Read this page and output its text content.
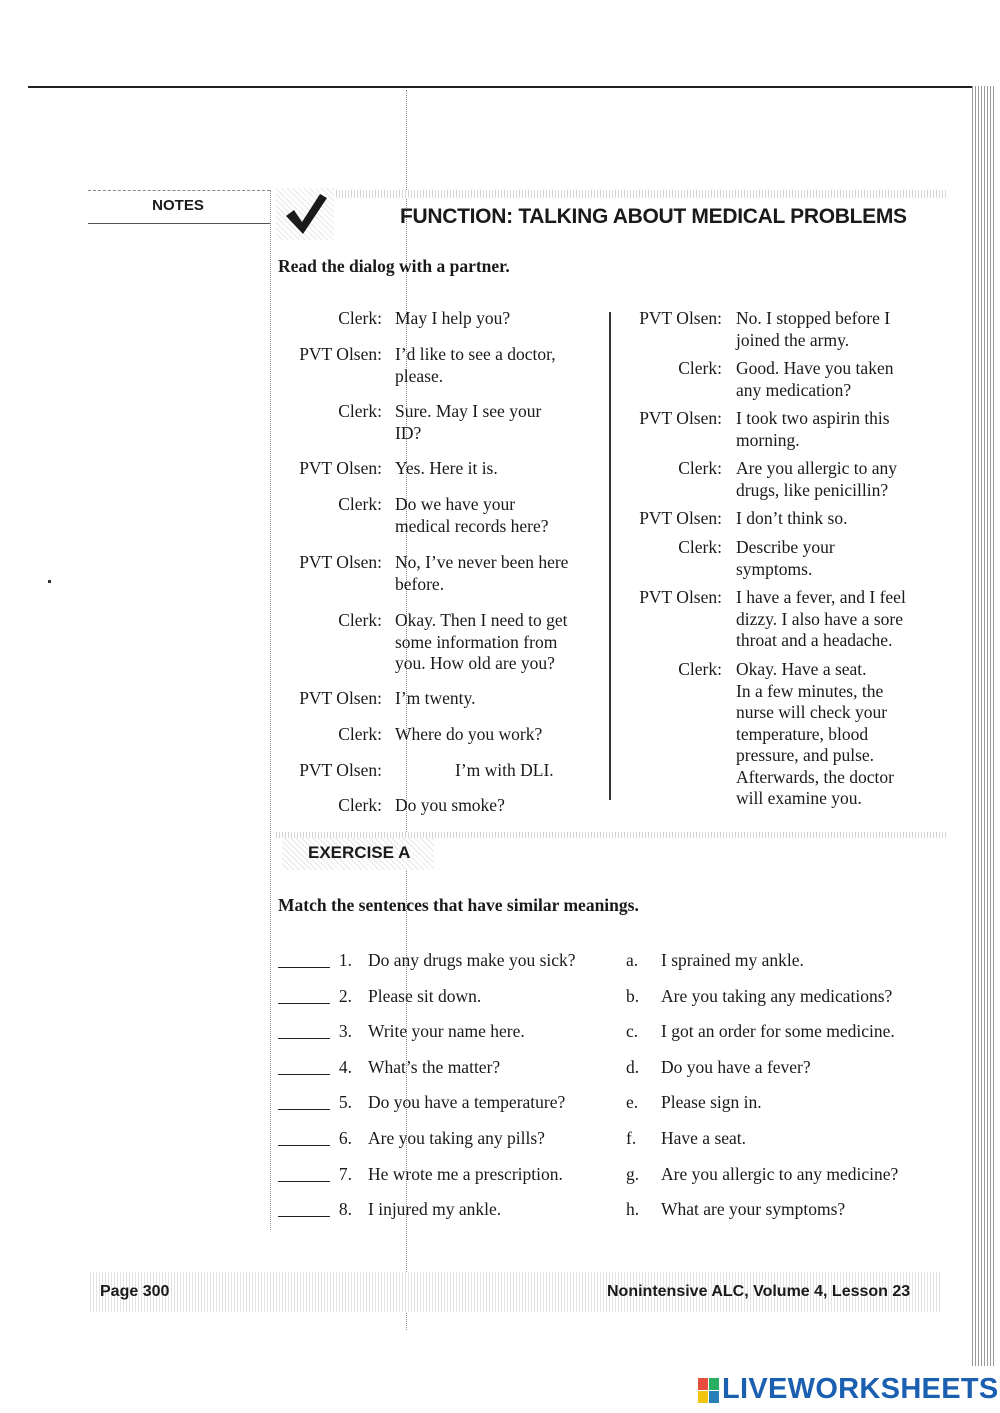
NOTES	FUNCTION: TALKING ABOUT MEDICAL PROBLEMS
Read the dialog with a partner.
Clerk: May I help you?
PVT Olsen: I’d like to see a doctor,
please.
Clerk: Sure. May I see your
ID?
PVT Olsen: Yes. Here it is.
Clerk: Do we have your
medical records here?
PVT Olsen: No, I’ve never been here
before.
Clerk: Okay. Then I need to get
some information from
you. How old are you?
PVT Olsen: I’m twenty.
Clerk: Where do you work?
PVT Olsen:	I’m with DLI.
Clerk: Do you smoke?
PVT Olsen: No. I stopped before I
joined the army.
Clerk: Good. Have you taken
any medication?
PVT Olsen: I took two aspirin this
morning.
Clerk: Are you allergic to any
drugs, like penicillin?
PVT Olsen: I don’t think so.
Clerk: Describe your
symptoms.
PVT Olsen: I have a fever, and I feel
dizzy. I also have a sore
throat and a headache.
Clerk: Okay. Have a seat.
In a few minutes, the
nurse will check your
temperature, blood
pressure, and pulse.
Afterwards, the doctor
will examine you.
EXERCISE A
Match the sentences that have similar meanings.
1. Do any drugs make you sick?	a. I sprained my ankle.
2. Please sit down.	b. Are you taking any medications?
3. Write your name here.	c. I got an order for some medicine.
4. What’s the matter?	d. Do you have a fever?
5. Do you have a temperature?	e. Please sign in.
6. Are you taking any pills?	f. Have a seat.
7. He wrote me a prescription.	g. Are you allergic to any medicine?
8. I injured my ankle.	h. What are your symptoms?
Page 300	Nonintensive ALC, Volume 4, Lesson 23
LIVEWORKSHEETS
